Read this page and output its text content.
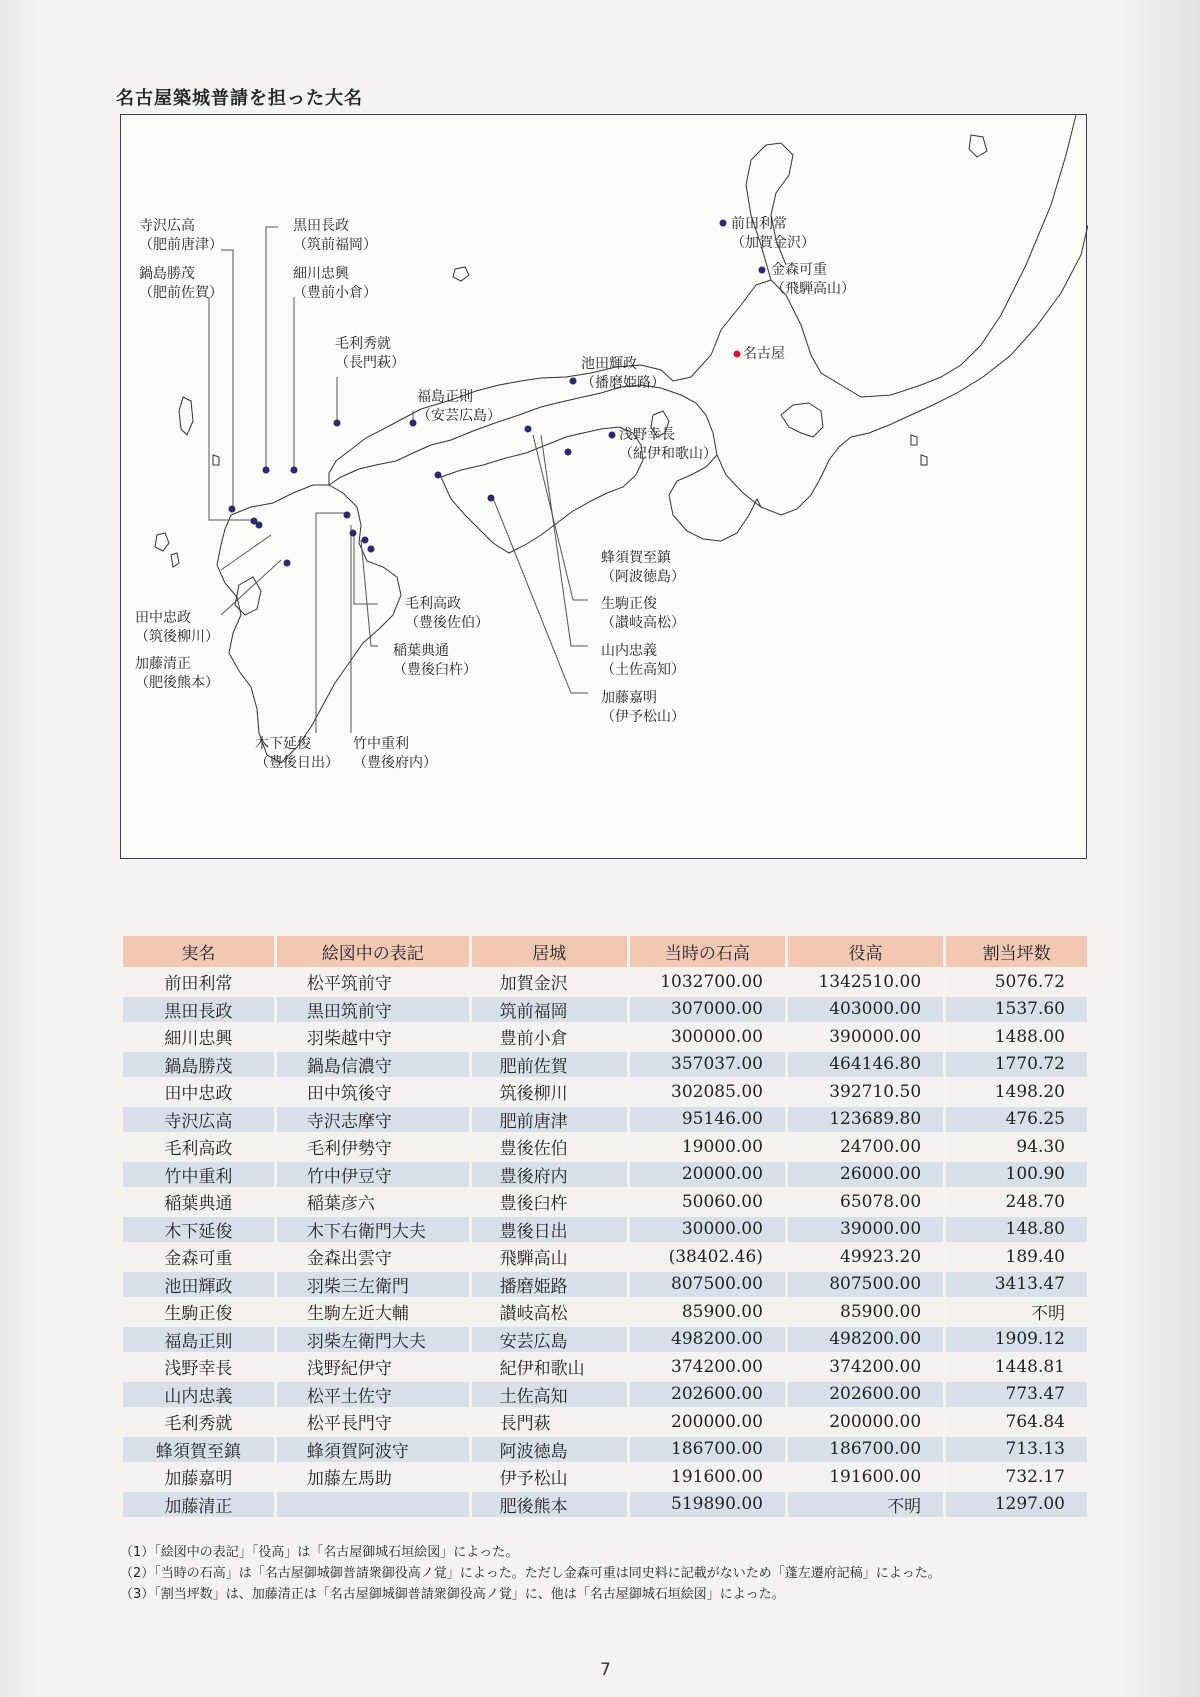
名古屋築城普請を担った大名
寺沢広高
（肥前唐津）
鍋島勝茂
（肥前佐賀）
黒田長政
（筑前福岡）
細川忠興
（豊前小倉）
毛利秀就
（長門萩）
福島正則
（安芸広島）
池田輝政
（播磨姫路）
前田利常
（加賀金沢）
金森可重
（飛騨高山）
浅野幸長
（紀伊和歌山）
蜂須賀至鎮
（阿波徳島）
生駒正俊
（讃岐高松）
山内忠義
（土佐高知）
加藤嘉明
（伊予松山）
毛利高政
（豊後佐伯）
稲葉典通
（豊後臼杵）
田中忠政
（筑後柳川）
加藤清正
（肥後熊本）
木下延俊
（豊後日出）
竹中重利
（豊後府内）
名古屋
実名	絵図中の表記	居城	当時の石高	役高	割当坪数
前田利常	松平筑前守	加賀金沢	1032700.00	1342510.00	5076.72
黒田長政	黒田筑前守	筑前福岡	307000.00	403000.00	1537.60
細川忠興	羽柴越中守	豊前小倉	300000.00	390000.00	1488.00
鍋島勝茂	鍋島信濃守	肥前佐賀	357037.00	464146.80	1770.72
田中忠政	田中筑後守	筑後柳川	302085.00	392710.50	1498.20
寺沢広高	寺沢志摩守	肥前唐津	95146.00	123689.80	476.25
毛利高政	毛利伊勢守	豊後佐伯	19000.00	24700.00	94.30
竹中重利	竹中伊豆守	豊後府内	20000.00	26000.00	100.90
稲葉典通	稲葉彦六	豊後臼杵	50060.00	65078.00	248.70
木下延俊	木下右衛門大夫	豊後日出	30000.00	39000.00	148.80
金森可重	金森出雲守	飛騨高山	(38402.46)	49923.20	189.40
池田輝政	羽柴三左衛門	播磨姫路	807500.00	807500.00	3413.47
生駒正俊	生駒左近大輔	讃岐高松	85900.00	85900.00	不明
福島正則	羽柴左衛門大夫	安芸広島	498200.00	498200.00	1909.12
浅野幸長	浅野紀伊守	紀伊和歌山	374200.00	374200.00	1448.81
山内忠義	松平土佐守	土佐高知	202600.00	202600.00	773.47
毛利秀就	松平長門守	長門萩	200000.00	200000.00	764.84
蜂須賀至鎮	蜂須賀阿波守	阿波徳島	186700.00	186700.00	713.13
加藤嘉明	加藤左馬助	伊予松山	191600.00	191600.00	732.17
加藤清正		肥後熊本	519890.00	不明	1297.00
（1）「絵図中の表記」「役高」は「名古屋御城石垣絵図」によった。
（2）「当時の石高」は「名古屋御城御普請衆御役高ノ覚」によった。ただし金森可重は同史料に記載がないため「蓬左遷府記稿」によった。
（3）「割当坪数」は、加藤清正は「名古屋御城御普請衆御役高ノ覚」に、他は「名古屋御城石垣絵図」によった。
7
